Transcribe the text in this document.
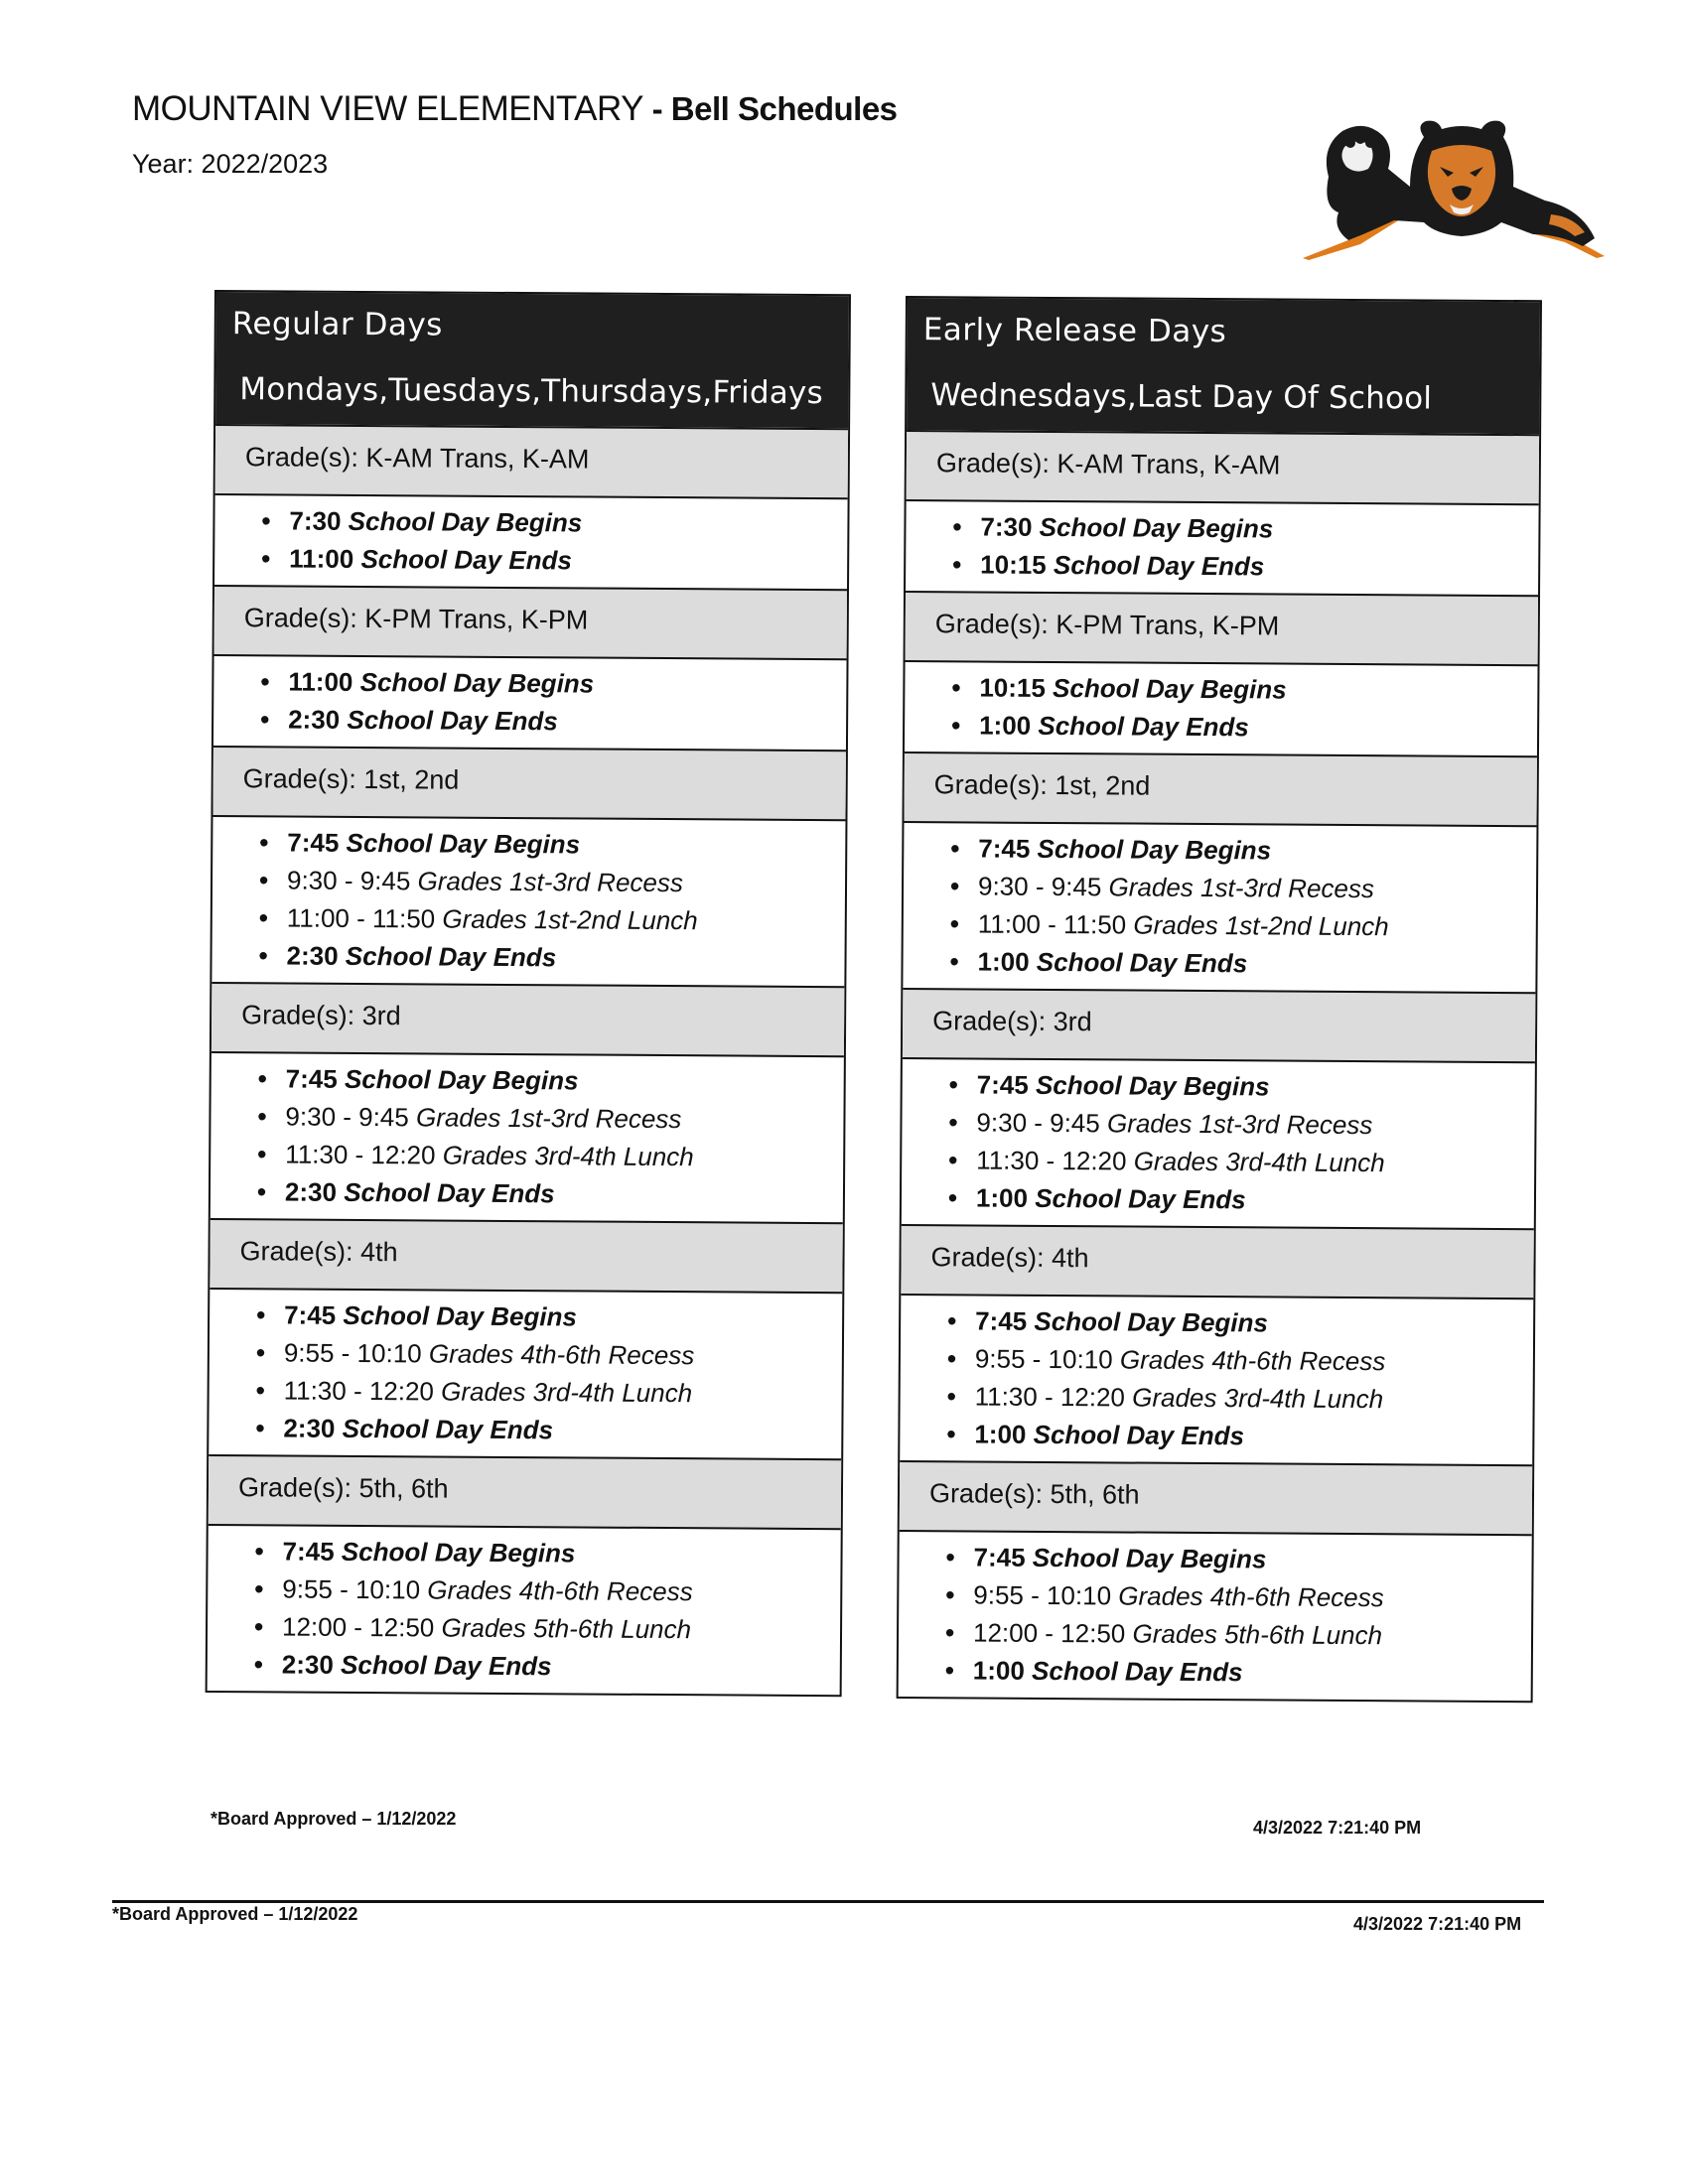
MOUNTAIN VIEW ELEMENTARY - Bell Schedules
Year: 2022/2023
Regular Days
Mondays,Tuesdays,Thursdays,Fridays
Grade(s): K-AM Trans, K-AM
• 7:30 School Day Begins
• 11:00 School Day Ends
Grade(s): K-PM Trans, K-PM
• 11:00 School Day Begins
• 2:30 School Day Ends
Grade(s): 1st, 2nd
• 7:45 School Day Begins
• 9:30 - 9:45 Grades 1st-3rd Recess
• 11:00 - 11:50 Grades 1st-2nd Lunch
• 2:30 School Day Ends
Grade(s): 3rd
• 7:45 School Day Begins
• 9:30 - 9:45 Grades 1st-3rd Recess
• 11:30 - 12:20 Grades 3rd-4th Lunch
• 2:30 School Day Ends
Grade(s): 4th
• 7:45 School Day Begins
• 9:55 - 10:10 Grades 4th-6th Recess
• 11:30 - 12:20 Grades 3rd-4th Lunch
• 2:30 School Day Ends
Grade(s): 5th, 6th
• 7:45 School Day Begins
• 9:55 - 10:10 Grades 4th-6th Recess
• 12:00 - 12:50 Grades 5th-6th Lunch
• 2:30 School Day Ends
Early Release Days
Wednesdays,Last Day Of School
Grade(s): K-AM Trans, K-AM
• 7:30 School Day Begins
• 10:15 School Day Ends
Grade(s): K-PM Trans, K-PM
• 10:15 School Day Begins
• 1:00 School Day Ends
Grade(s): 1st, 2nd
• 7:45 School Day Begins
• 9:30 - 9:45 Grades 1st-3rd Recess
• 11:00 - 11:50 Grades 1st-2nd Lunch
• 1:00 School Day Ends
Grade(s): 3rd
• 7:45 School Day Begins
• 9:30 - 9:45 Grades 1st-3rd Recess
• 11:30 - 12:20 Grades 3rd-4th Lunch
• 1:00 School Day Ends
Grade(s): 4th
• 7:45 School Day Begins
• 9:55 - 10:10 Grades 4th-6th Recess
• 11:30 - 12:20 Grades 3rd-4th Lunch
• 1:00 School Day Ends
Grade(s): 5th, 6th
• 7:45 School Day Begins
• 9:55 - 10:10 Grades 4th-6th Recess
• 12:00 - 12:50 Grades 5th-6th Lunch
• 1:00 School Day Ends
*Board Approved – 1/12/2022	4/3/2022 7:21:40 PM
*Board Approved – 1/12/2022	4/3/2022 7:21:40 PM
